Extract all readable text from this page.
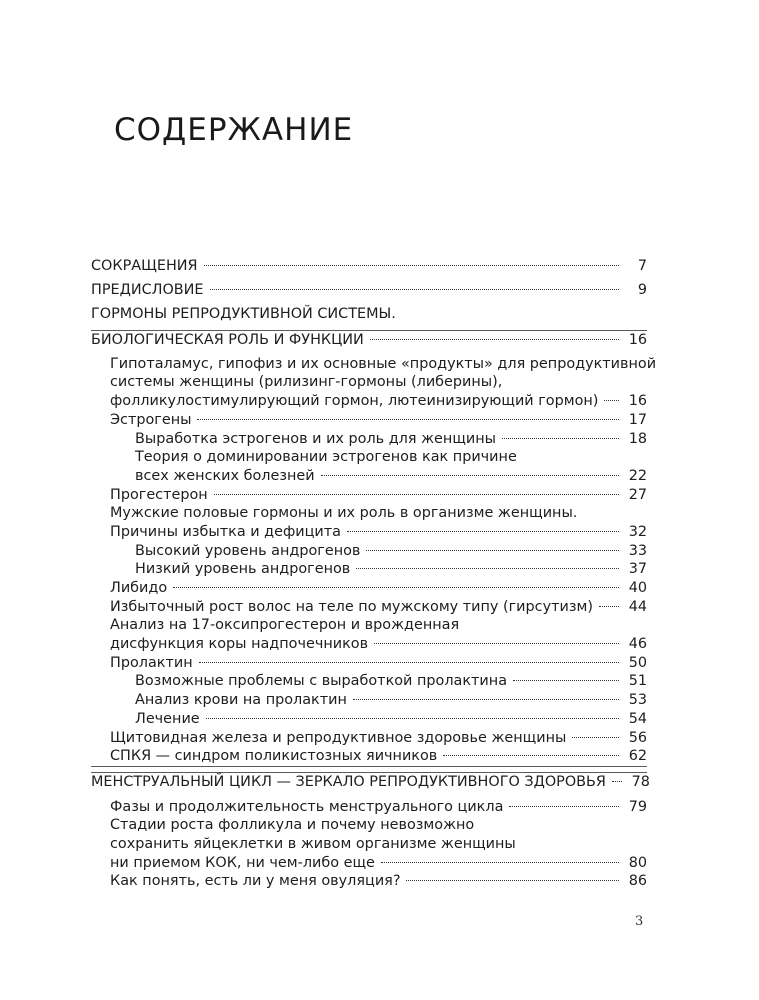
СОДЕРЖАНИЕ
СОКРАЩЕНИЯ	7
ПРЕДИСЛОВИЕ	9
ГОРМОНЫ РЕПРОДУКТИВНОЙ СИСТЕМЫ.
БИОЛОГИЧЕСКАЯ РОЛЬ И ФУНКЦИИ	16
Гипоталамус, гипофиз и их основные «продукты» для репродуктивной
системы женщины (рилизинг-гормоны (либерины),
фолликулостимулирующий гормон, лютеинизирующий гормон) 16
Эстрогены	17
Выработка эстрогенов и их роль для женщины	18
Теория о доминировании эстрогенов как причине
всех женских болезней	22
Прогестерон	27
Мужские половые гормоны и их роль в организме женщины.
Причины избытка и дефицита	32
Высокий уровень андрогенов	33
Низкий уровень андрогенов	37
Либидо	40
Избыточный рост волос на теле по мужскому типу (гирсутизм) 44
Анализ на 17-оксипрогестерон и врожденная
дисфункция коры надпочечников	46
Пролактин	50
Возможные проблемы с выработкой пролактина	51
Анализ крови на пролактин	53
Лечение	54
Щитовидная железа и репродуктивное здоровье женщины	56
СПКЯ — синдром поликистозных яичников	62
МЕНСТРУАЛЬНЫЙ ЦИКЛ — ЗЕРКАЛО РЕПРОДУКТИВНОГО ЗДОРОВЬЯ 78
Фазы и продолжительность менструального цикла	79
Стадии роста фолликула и почему невозможно
сохранить яйцеклетки в живом организме женщины
ни приемом КОК, ни чем-либо еще	80
Как понять, есть ли у меня овуляция?	86
3
